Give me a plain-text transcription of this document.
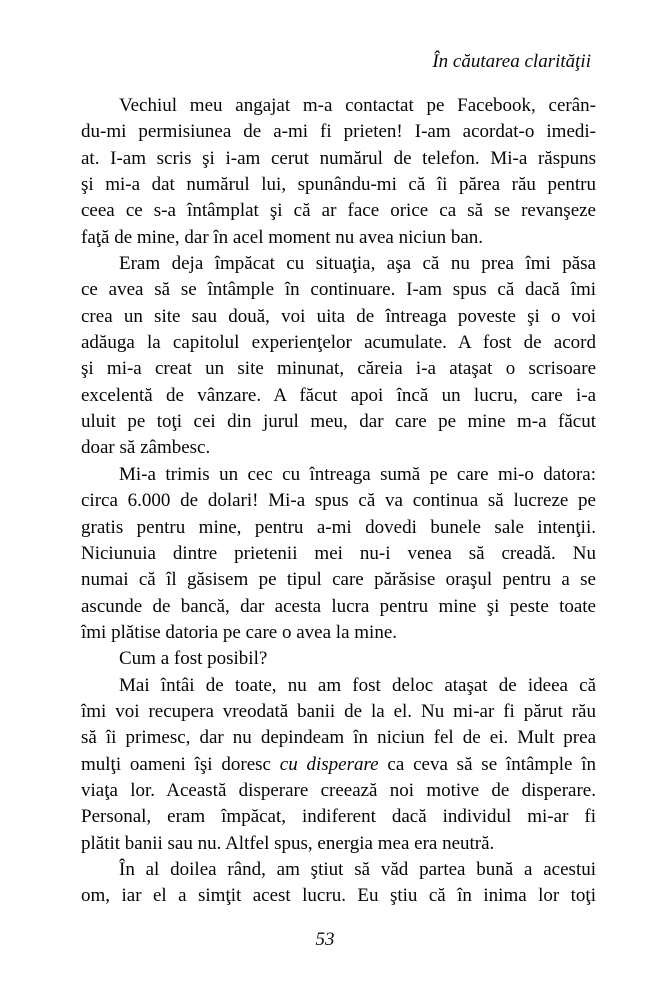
În căutarea clarităţii
Vechiul meu angajat m-a contactat pe Facebook, cerân-
du-mi permisiunea de a-mi fi prieten! I-am acordat-o imedi-
at. I-am scris şi i-am cerut numărul de telefon. Mi-a răspuns
şi mi-a dat numărul lui, spunându-mi că îi părea rău pentru
ceea ce s-a întâmplat şi că ar face orice ca să se revanşeze
faţă de mine, dar în acel moment nu avea niciun ban.
Eram deja împăcat cu situaţia, aşa că nu prea îmi păsa
ce avea să se întâmple în continuare. I-am spus că dacă îmi
crea un site sau două, voi uita de întreaga poveste şi o voi
adăuga la capitolul experienţelor acumulate. A fost de acord
şi mi-a creat un site minunat, căreia i-a ataşat o scrisoare
excelentă de vânzare. A făcut apoi încă un lucru, care i-a
uluit pe toţi cei din jurul meu, dar care pe mine m-a făcut
doar să zâmbesc.
Mi-a trimis un cec cu întreaga sumă pe care mi-o datora:
circa 6.000 de dolari! Mi-a spus că va continua să lucreze pe
gratis pentru mine, pentru a-mi dovedi bunele sale intenţii.
Niciunuia dintre prietenii mei nu-i venea să creadă. Nu
numai că îl găsisem pe tipul care părăsise oraşul pentru a se
ascunde de bancă, dar acesta lucra pentru mine şi peste toate
îmi plătise datoria pe care o avea la mine.
Cum a fost posibil?
Mai întâi de toate, nu am fost deloc ataşat de ideea că
îmi voi recupera vreodată banii de la el. Nu mi-ar fi părut rău
să îi primesc, dar nu depindeam în niciun fel de ei. Mult prea
mulţi oameni îşi doresc cu disperare ca ceva să se întâmple în
viaţa lor. Această disperare creează noi motive de disperare.
Personal, eram împăcat, indiferent dacă individul mi-ar fi
plătit banii sau nu. Altfel spus, energia mea era neutră.
În al doilea rând, am ştiut să văd partea bună a acestui
om, iar el a simţit acest lucru. Eu ştiu că în inima lor toţi
53
